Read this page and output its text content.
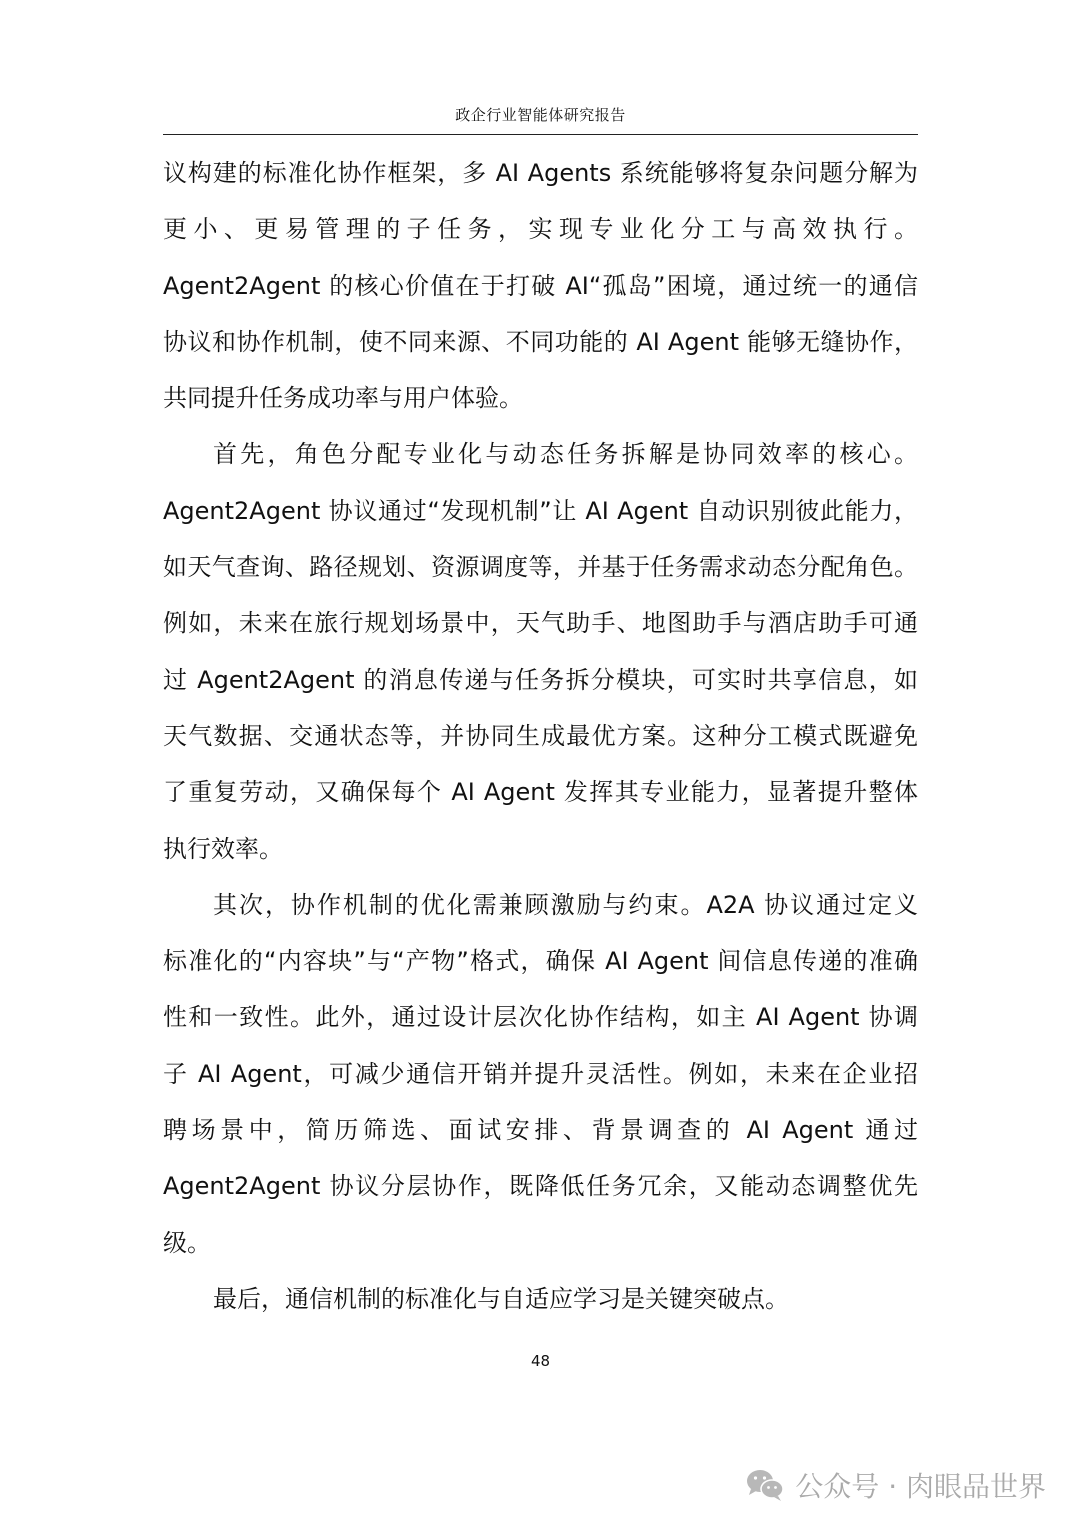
政企行业智能体研究报告
议构建的标准化协作框架，多 AI Agents 系统能够将复杂问题分解为
更小、更易管理的子任务，实现专业化分工与高效执行。
Agent2Agent 的核心价值在于打破 AI“孤岛”困境，通过统一的通信
协议和协作机制，使不同来源、不同功能的 AI Agent 能够无缝协作，
共同提升任务成功率与用户体验。
首先，角色分配专业化与动态任务拆解是协同效率的核心。
Agent2Agent 协议通过“发现机制”让 AI Agent 自动识别彼此能力，
如天气查询、路径规划、资源调度等，并基于任务需求动态分配角色。
例如，未来在旅行规划场景中，天气助手、地图助手与酒店助手可通
过 Agent2Agent 的消息传递与任务拆分模块，可实时共享信息，如
天气数据、交通状态等，并协同生成最优方案。这种分工模式既避免
了重复劳动，又确保每个 AI Agent 发挥其专业能力，显著提升整体
执行效率。
其次，协作机制的优化需兼顾激励与约束。A2A 协议通过定义
标准化的“内容块”与“产物”格式，确保 AI Agent 间信息传递的准确
性和一致性。此外，通过设计层次化协作结构，如主 AI Agent 协调
子 AI Agent，可减少通信开销并提升灵活性。例如，未来在企业招
聘场景中，简历筛选、面试安排、背景调查的 AI Agent 通过
Agent2Agent 协议分层协作，既降低任务冗余，又能动态调整优先
级。
最后，通信机制的标准化与自适应学习是关键突破点。
48
公众号 · 肉眼品世界
